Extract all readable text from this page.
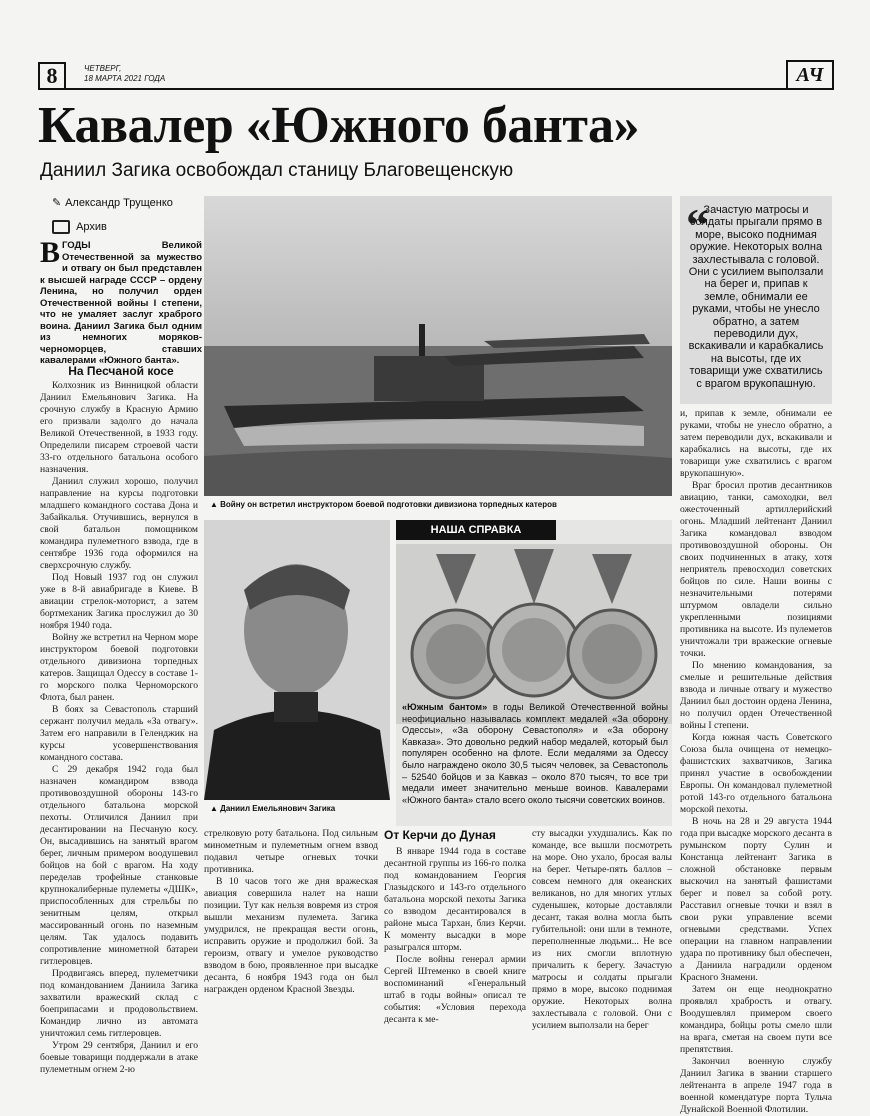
8	ЧЕТВЕРГ,
18 МАРТА 2021 ГОДА	АЧ
Кавалер «Южного банта»
Даниил Загика освобождал станицу Благовещенскую
✎ Александр Трущенко
Архив
В ГОДЫ Великой Отечественной за мужество и отвагу он был представлен к высшей награде СССР – ордену Ленина, но получил орден Отечественной войны I степени, что не умаляет заслуг храброго воина. Даниил Загика был одним из немногих моряков-черноморцев, ставших кавалерами «Южного банта».
На Песчаной косе

Колхозник из Винницкой области Даниил Емельянович Загика. На срочную службу в Красную Армию его призвали задолго до начала Великой Отечественной, в 1933 году. Определили писарем строевой части 33-го отдельного батальона особого назначения.

Даниил служил хорошо, получил направление на курсы подготовки младшего командного состава Дона и Забайкалья. Отучившись, вернулся в свой батальон помощником командира пулеметного взвода, где в сентябре 1936 года оформился на сверхсрочную службу.

Под Новый 1937 год он служил уже в 8-й авиабригаде в Киеве. В авиации стрелок-моторист, а затем бортмеханик Загика прослужил до 30 ноября 1940 года.

Войну же встретил на Черном море инструктором боевой подготовки отдельного дивизиона торпедных катеров. Защищал Одессу в составе 1-го морского полка Черноморского Флота, был ранен.

В боях за Севастополь старший сержант получил медаль «За отвагу». Затем его направили в Геленджик на курсы усовершенствования командного состава.

С 29 декабря 1942 года был назначен командиром взвода противовоздушной обороны 143-го отдельного батальона морской пехоты. Отличился Даниил при десантировании на Песчаную косу. Он, высадившись на занятый врагом берег, личным примером воодушевил бойцов на бой с врагом. На ходу переделав трофейные станковые крупнокалиберные пулеметы «ДШК», приспособленных для стрельбы по зенитным целям, открыл массированный огонь по наземным целям. Так удалось подавить сопротивление минометной батареи гитлеровцев.

Продвигаясь вперед, пулеметчики под командованием Даниила Загика захватили вражеский склад с боеприпасами и продовольствием. Командир лично из автомата уничтожил семь гитлеровцев.

Утром 29 сентября, Даниил и его боевые товарищи поддержали в атаке пулеметным огнем 2-ю

▲ Войну он встретил инструктором боевой подготовки дивизиона торпедных катеров
▲ Даниил Емельянович Загика

стрелковую роту батальона. Под сильным минометным и пулеметным огнем взвод подавил четыре огневых точки противника.

В 10 часов того же дня вражеская авиация совершила налет на наши позиции. Тут как нельзя вовремя из строя вышли механизм пулемета. Загика умудрился, не прекращая вести огонь, исправить оружие и продолжил бой. За героизм, отвагу и умелое руководство взводом в бою, проявленное при высадке десанта, 6 ноября 1943 года он был награжден орденом Красной Звезды.

НАША СПРАВКА
«Южным бантом» в годы Великой Отечественной войны неофициально называлась комплект медалей «За оборону Одессы», «За оборону Севастополя» и «За оборону Кавказа». Это довольно редкий набор медалей, который был популярен особенно на флоте. Если медалями за Одессу было награждено около 30,5 тысяч человек, за Севастополь – 52540 бойцов и за Кавказ – около 870 тысяч, то все три медали имеет значительно меньше воинов. Кавалерами «Южного банта» стало всего около тысячи советских воинов.
От Керчи до Дуная

В январе 1944 года в составе десантной группы из 166-го полка под командованием Георгия Глазыдского и 143-го отдельного батальона морской пехоты Загика со взводом десантировался в районе мыса Тархан, близ Керчи. К моменту высадки в море разыгрался шторм.

После войны генерал армии Сергей Штеменко в своей книге воспоминаний «Генеральный штаб в годы войны» описал те события: «Условия перехода десанта к ме-

сту высадки ухудшались. Как по команде, все вышли посмотреть на море. Оно ухало, бросая валы на берег. Четыре-пять баллов – совсем немного для океанских великанов, но для многих утлых суденышек, которые доставляли десант, такая волна могла быть губительной: они шли в темноте, переполненные людьми... Не все из них смогли вплотную причалить к берегу. Зачастую матросы и солдаты прыгали прямо в море, высоко поднимая оружие. Некоторых волна захлестывала с головой. Они с усилием выползали на берег

“
Зачастую матросы и солдаты прыгали прямо в море, высоко поднимая оружие. Некоторых волна захлестывала с головой. Они с усилием выползали на берег и, припав к земле, обнимали ее руками, чтобы не унесло обратно, а затем переводили дух, вскакивали и карабкались на высоты, где их товарищи уже схватились с врагом врукопашную.

и, припав к земле, обнимали ее руками, чтобы не унесло обратно, а затем переводили дух, вскакивали и карабкались на высоты, где их товарищи уже схватились с врагом врукопашную».

Враг бросил против десантников авиацию, танки, самоходки, вел ожесточенный артиллерийский огонь. Младший лейтенант Даниил Загика командовал взводом противовоздушной обороны. Он своих подчиненных в атаку, хотя неприятель превосходил советских бойцов по силе. Наши воины с незначительными потерями штурмом овладели сильно укрепленными позициями противника на высоте. Из пулеметов уничтожали три вражеские огневые точки.

По мнению командования, за смелые и решительные действия взвода и личные отвагу и мужество Даниил был достоин ордена Ленина, но получил орден Отечественной войны I степени.

Когда южная часть Советского Союза была очищена от немецко-фашистских захватчиков, Загика принял участие в освобождении Европы. Он командовал пулеметной ротой 143-го отдельного батальона морской пехоты.

В ночь на 28 и 29 августа 1944 года при высадке морского десанта в румынском порту Сулин и Констанца лейтенант Загика в сложной обстановке первым выскочил на занятый фашистами берег и повел за собой роту. Расставил огневые точки и взял в свои руки управление всеми огневыми средствами. Успех операции на главном направлении удара по противнику был обеспечен, а Даниила наградили орденом Красного Знамени.

Затем он еще неоднократно проявлял храбрость и отвагу. Воодушевлял примером своего командира, бойцы роты смело шли на врага, сметая на своем пути все препятствия.

Закончил военную службу Даниил Загика в звании старшего лейтенанта в апреле 1947 года в военной комендатуре порта Тульча Дунайской Военной Флотилии.
